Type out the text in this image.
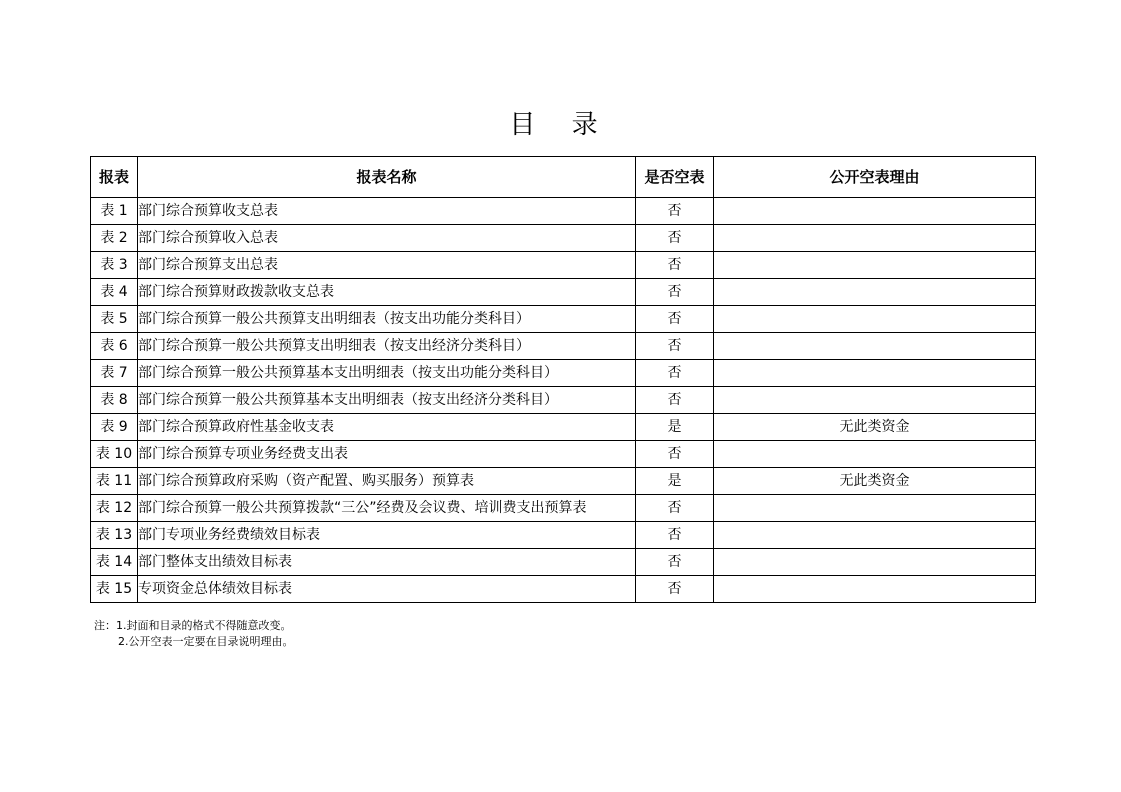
目 录
报表	报表名称	是否空表	公开空表理由
表 1	部门综合预算收支总表	否	
表 2	部门综合预算收入总表	否	
表 3	部门综合预算支出总表	否	
表 4	部门综合预算财政拨款收支总表	否	
表 5	部门综合预算一般公共预算支出明细表（按支出功能分类科目）	否	
表 6	部门综合预算一般公共预算支出明细表（按支出经济分类科目）	否	
表 7	部门综合预算一般公共预算基本支出明细表（按支出功能分类科目）	否	
表 8	部门综合预算一般公共预算基本支出明细表（按支出经济分类科目）	否	
表 9	部门综合预算政府性基金收支表	是	无此类资金
表 10	部门综合预算专项业务经费支出表	否	
表 11	部门综合预算政府采购（资产配置、购买服务）预算表	是	无此类资金
表 12	部门综合预算一般公共预算拨款“三公”经费及会议费、培训费支出预算表	否	
表 13	部门专项业务经费绩效目标表	否	
表 14	部门整体支出绩效目标表	否	
表 15	专项资金总体绩效目标表	否	
注：1.封面和目录的格式不得随意改变。
2.公开空表一定要在目录说明理由。
